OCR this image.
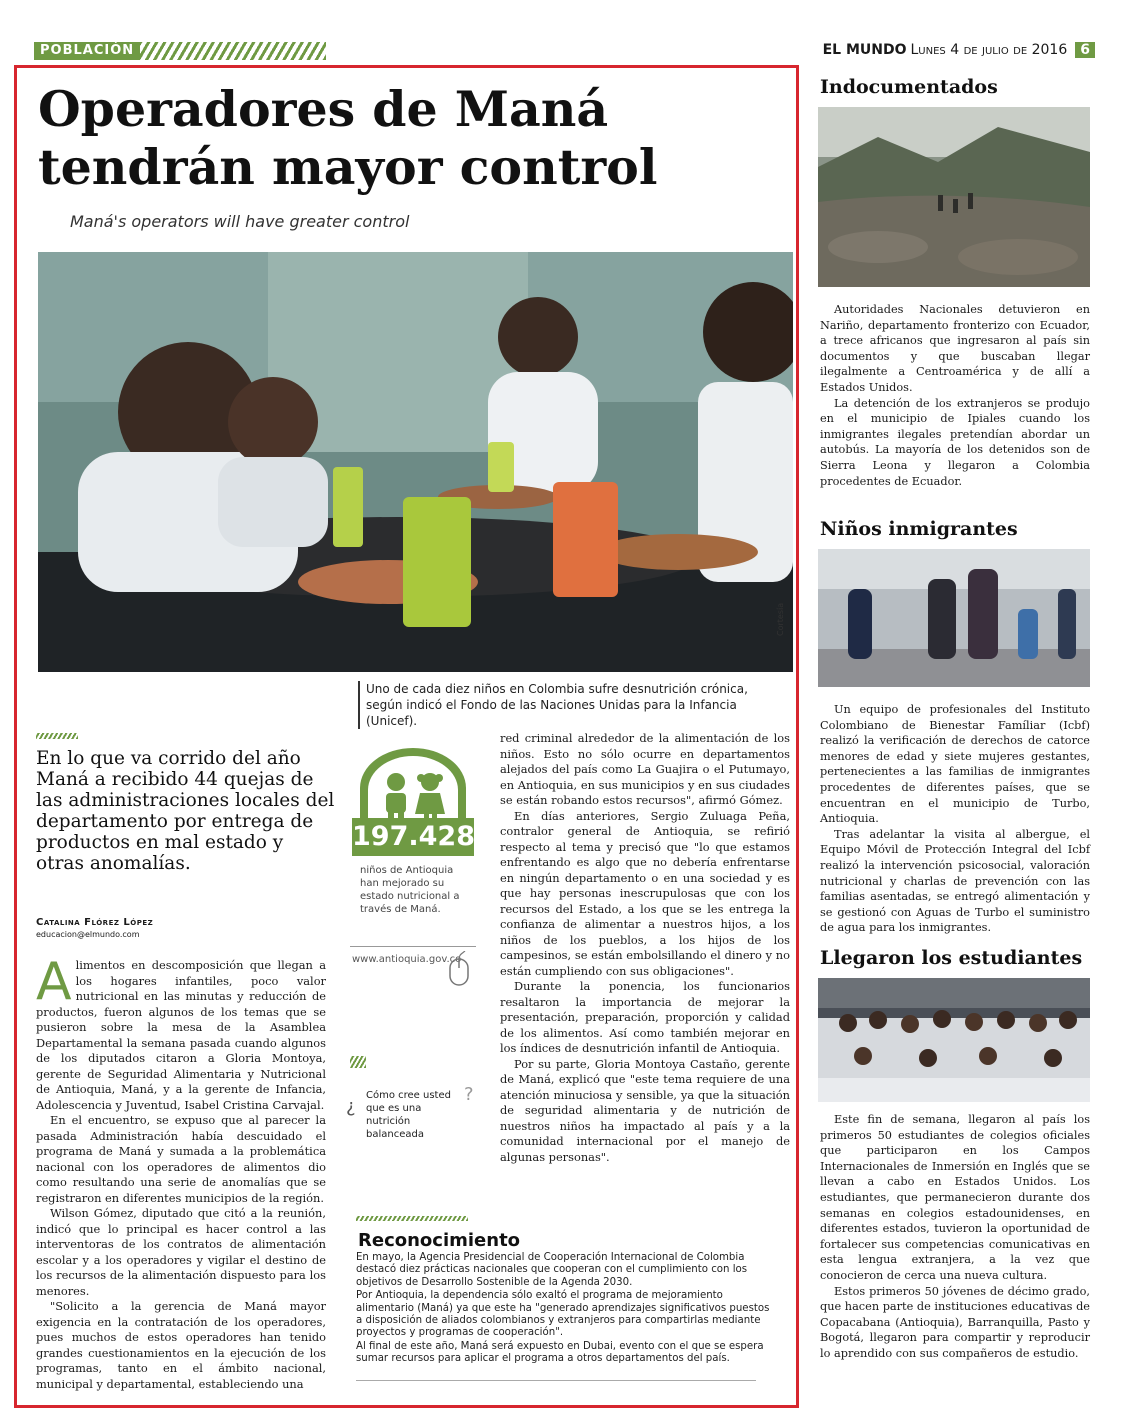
POBLACIÓN	EL MUNDO Lunes 4 de julio de 2016 6
Operadores de Maná
tendrán mayor control
Maná's operators will have greater control
Cortesía
Uno de cada diez niños en Colombia sufre desnutrición crónica, según indicó el Fondo de las Naciones Unidas para la Infancia (Unicef).
En lo que va corrido del año Maná a recibido 44 quejas de las administraciones locales del departamento por entrega de productos en mal estado y otras anomalías.
Catalina Flórez López
educacion@elmundo.com

Alimentos en descomposición que llegan a los hogares infantiles, poco valor nutricional en las minutas y reducción de productos, fueron algunos de los temas que se pusieron sobre la mesa de la Asamblea Departamental la semana pasada cuando algunos de los diputados citaron a Gloria Montoya, gerente de Seguridad Alimentaria y Nutricional de Antioquia, Maná, y a la gerente de Infancia, Adolescencia y Juventud, Isabel Cristina Carvajal.

En el encuentro, se expuso que al parecer la pasada Administración había descuidado el programa de Maná y sumada a la problemática nacional con los operadores de alimentos dio como resultando una serie de anomalías que se registraron en diferentes municipios de la región.

Wilson Gómez, diputado que citó a la reunión, indicó que lo principal es hacer control a las interventoras de los contratos de alimentación escolar y a los operadores y vigilar el destino de los recursos de la alimentación dispuesto para los menores.

"Solicito a la gerencia de Maná mayor exigencia en la contratación de los operadores, pues muchos de estos operadores han tenido grandes cuestionamientos en la ejecución de los programas, tanto en el ámbito nacional, municipal y departamental, estableciendo una

red criminal alrededor de la alimentación de los niños. Esto no sólo ocurre en departamentos alejados del país como La Guajira o el Putumayo, en Antioquia, en sus municipios y en sus ciudades se están robando estos recursos", afirmó Gómez.

En días anteriores, Sergio Zuluaga Peña, contralor general de Antioquia, se refirió respecto al tema y precisó que "lo que estamos enfrentando es algo que no debería enfrentarse en ningún departamento o en una sociedad y es que hay personas inescrupulosas que con los recursos del Estado, a los que se les entrega la confianza de alimentar a nuestros hijos, a los niños de los pueblos, a los hijos de los campesinos, se están embolsillando el dinero y no están cumpliendo con sus obligaciones".

Durante la ponencia, los funcionarios resaltaron la importancia de mejorar la presentación, preparación, proporción y calidad de los alimentos. Así como también mejorar en los índices de desnutrición infantil de Antioquia.

Por su parte, Gloria Montoya Castaño, gerente de Maná, explicó que "este tema requiere de una atención minuciosa y sensible, ya que la situación de seguridad alimentaria y de nutrición de nuestros niños ha impactado al país y a la comunidad internacional por el manejo de algunas personas".

197.428
niños de Antioquia han mejorado su estado nutricional a través de Maná.
www.antioquia.gov.co
¿
Cómo cree usted que es una nutrición balanceada
?
Reconocimiento

En mayo, la Agencia Presidencial de Cooperación Internacional de Colombia destacó diez prácticas nacionales que cooperan con el cumplimiento con los objetivos de Desarrollo Sostenible de la Agenda 2030.

Por Antioquia, la dependencia sólo exaltó el programa de mejoramiento alimentario (Maná) ya que este ha "generado aprendizajes significativos puestos a disposición de aliados colombianos y extranjeros para compartirlas mediante proyectos y programas de cooperación".

Al final de este año, Maná será expuesto en Dubai, evento con el que se espera sumar recursos para aplicar el programa a otros departamentos del país.

Indocumentados

Autoridades Nacionales detuvieron en Nariño, departamento fronterizo con Ecuador, a trece africanos que ingresaron al país sin documentos y que buscaban llegar ilegalmente a Centroamérica y de allí a Estados Unidos.

La detención de los extranjeros se produjo en el municipio de Ipiales cuando los inmigrantes ilegales pretendían abordar un autobús. La mayoría de los detenidos son de Sierra Leona y llegaron a Colombia procedentes de Ecuador.

Niños inmigrantes

Un equipo de profesionales del Instituto Colombiano de Bienestar Famíliar (Icbf) realizó la verificación de derechos de catorce menores de edad y siete mujeres gestantes, pertenecientes a las familias de inmigrantes procedentes de diferentes países, que se encuentran en el municipio de Turbo, Antioquia.

Tras adelantar la visita al albergue, el Equipo Móvil de Protección Integral del Icbf realizó la intervención psicosocial, valoración nutricional y charlas de prevención con las familias asentadas, se entregó alimentación y se gestionó con Aguas de Turbo el suministro de agua para los inmigrantes.

Llegaron los estudiantes

Este fin de semana, llegaron al país los primeros 50 estudiantes de colegios oficiales que participaron en los Campos Internacionales de Inmersión en Inglés que se llevan a cabo en Estados Unidos. Los estudiantes, que permanecieron durante dos semanas en colegios estadounidenses, en diferentes estados, tuvieron la oportunidad de fortalecer sus competencias comunicativas en esta lengua extranjera, a la vez que conocieron de cerca una nueva cultura.

Estos primeros 50 jóvenes de décimo grado, que hacen parte de instituciones educativas de Copacabana (Antioquia), Barranquilla, Pasto y Bogotá, llegaron para compartir y reproducir lo aprendido con sus compañeros de estudio.
